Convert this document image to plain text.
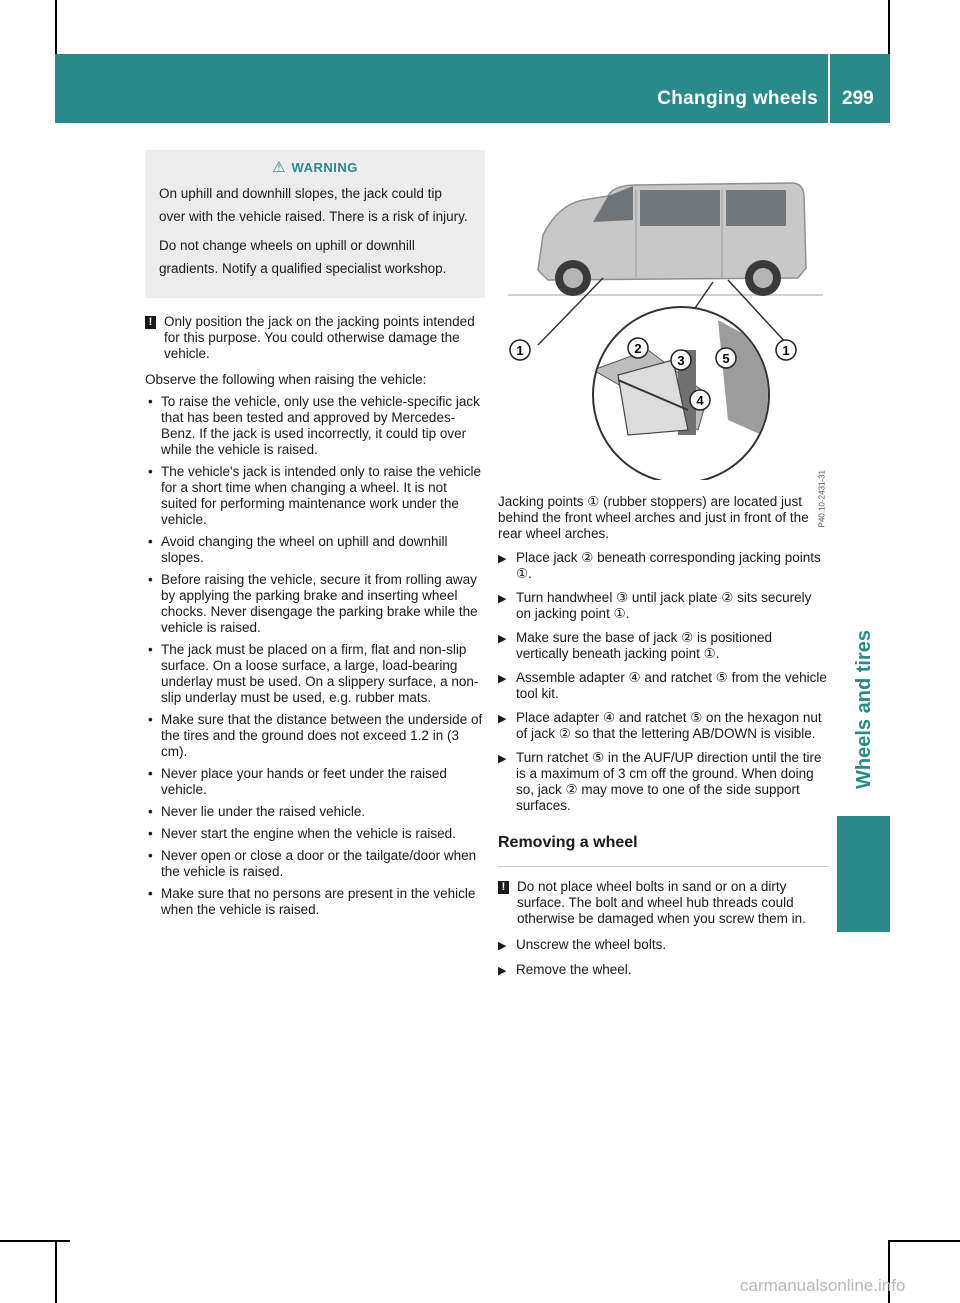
Changing wheels 299
Wheels and tires
⚠ WARNING

On uphill and downhill slopes, the jack could tip over with the vehicle raised. There is a risk of injury.

Do not change wheels on uphill or downhill gradients. Notify a qualified specialist workshop.

! Only position the jack on the jacking points intended for this purpose. You could otherwise damage the vehicle.

Observe the following when raising the vehicle:

• To raise the vehicle, only use the vehicle-specific jack that has been tested and approved by Mercedes-Benz. If the jack is used incorrectly, it could tip over while the vehicle is raised.
• The vehicle's jack is intended only to raise the vehicle for a short time when changing a wheel. It is not suited for performing maintenance work under the vehicle.
• Avoid changing the wheel on uphill and downhill slopes.
• Before raising the vehicle, secure it from rolling away by applying the parking brake and inserting wheel chocks. Never disengage the parking brake while the vehicle is raised.
• The jack must be placed on a firm, flat and non-slip surface. On a loose surface, a large, load-bearing underlay must be used. On a slippery surface, a non-slip underlay must be used, e.g. rubber mats.
• Make sure that the distance between the underside of the tires and the ground does not exceed 1.2 in (3 cm).
• Never place your hands or feet under the raised vehicle.
• Never lie under the raised vehicle.
• Never start the engine when the vehicle is raised.
• Never open or close a door or the tailgate/door when the vehicle is raised.
• Make sure that no persons are present in the vehicle when the vehicle is raised.
1	2
3
4
5
1
P40.10-2431-31

Jacking points ① (rubber stoppers) are located just behind the front wheel arches and just in front of the rear wheel arches.

▶ Place jack ② beneath corresponding jacking points ①.
▶ Turn handwheel ③ until jack plate ② sits securely on jacking point ①.
▶ Make sure the base of jack ② is positioned vertically beneath jacking point ①.
▶ Assemble adapter ④ and ratchet ⑤ from the vehicle tool kit.
▶ Place adapter ④ and ratchet ⑤ on the hexagon nut of jack ② so that the lettering AB/DOWN is visible.
▶ Turn ratchet ⑤ in the AUF/UP direction until the tire is a maximum of 3 cm off the ground. When doing so, jack ② may move to one of the side support surfaces.
Removing a wheel
! Do not place wheel bolts in sand or on a dirty surface. The bolt and wheel hub threads could otherwise be damaged when you screw them in.

▶ Unscrew the wheel bolts.
▶ Remove the wheel.
carmanualsonline.info
